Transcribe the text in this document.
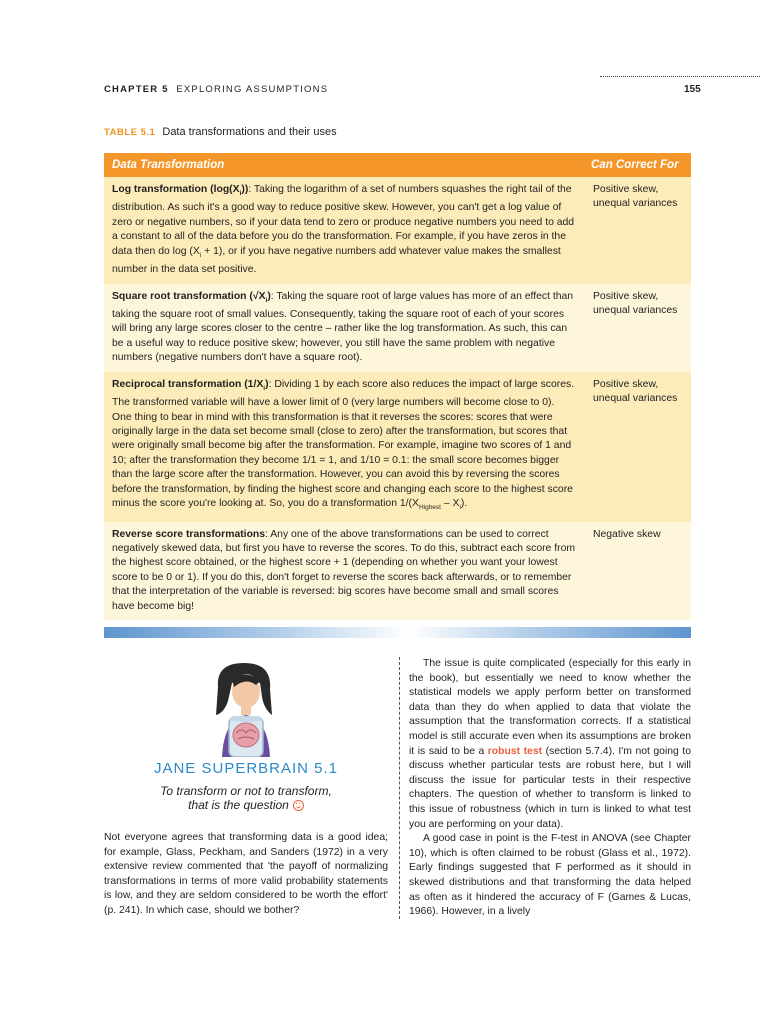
CHAPTER 5 EXPLORING ASSUMPTIONS	155
TABLE 5.1 Data transformations and their uses
Data Transformation	Can Correct For
Log transformation $(\log(X_i))$: Taking the logarithm of a set of numbers squashes the right tail of the distribution. As such it's a good way to reduce positive skew. However, you can't get a log value of zero or negative numbers, so if your data tend to zero or produce negative numbers you need to add a constant to all of the data before you do the transformation. For example, if you have zeros in the data then do $\log (X_i + 1)$, or if you have negative numbers add whatever value makes the smallest number in the data set positive.	Positive skew, unequal variances
Square root transformation $(√X_i)$: Taking the square root of large values has more of an effect than taking the square root of small values. Consequently, taking the square root of each of your scores will bring any large scores closer to the centre – rather like the log transformation. As such, this can be a useful way to reduce positive skew; however, you still have the same problem with negative numbers (negative numbers don't have a square root).	Positive skew, unequal variances
Reciprocal transformation $(1/X_i)$: Dividing 1 by each score also reduces the impact of large scores. The transformed variable will have a lower limit of 0 (very large numbers will become close to 0). One thing to bear in mind with this transformation is that it reverses the scores: scores that were originally large in the data set become small (close to zero) after the transformation, but scores that were originally small become big after the transformation. For example, imagine two scores of 1 and 10; after the transformation they become 1/1 = 1, and 1/10 = 0.1: the small score becomes bigger than the large score after the transformation. However, you can avoid this by reversing the scores before the transformation, by finding the highest score and changing each score to the highest score minus the score you're looking at. So, you do a transformation $1/(X_{Highest} - X_i)$.	Positive skew, unequal variances
Reverse score transformations: Any one of the above transformations can be used to correct negatively skewed data, but first you have to reverse the scores. To do this, subtract each score from the highest score obtained, or the highest score + 1 (depending on whether you want your lowest score to be 0 or 1). If you do this, don't forget to reverse the scores back afterwards, or to remember that the interpretation of the variable is reversed: big scores have become small and small scores have become big!	Negative skew
JANE SUPERBRAIN 5.1
To transform or not to transform,
that is the question
Not everyone agrees that transforming data is a good idea; for example, Glass, Peckham, and Sanders (1972) in a very extensive review commented that 'the payoff of normalizing transformations in terms of more valid probability statements is low, and they are seldom considered to be worth the effort' (p. 241). In which case, should we bother?

The issue is quite complicated (especially for this early in the book), but essentially we need to know whether the statistical models we apply perform better on transformed data than they do when applied to data that violate the assumption that the transformation corrects. If a statistical model is still accurate even when its assumptions are broken it is said to be a robust test (section 5.7.4). I'm not going to discuss whether particular tests are robust here, but I will discuss the issue for particular tests in their respective chapters. The question of whether to transform is linked to this issue of robustness (which in turn is linked to what test you are performing on your data).

A good case in point is the F-test in ANOVA (see Chapter 10), which is often claimed to be robust (Glass et al., 1972). Early findings suggested that F performed as it should in skewed distributions and that transforming the data helped as often as it hindered the accuracy of F (Games & Lucas, 1966). However, in a lively
